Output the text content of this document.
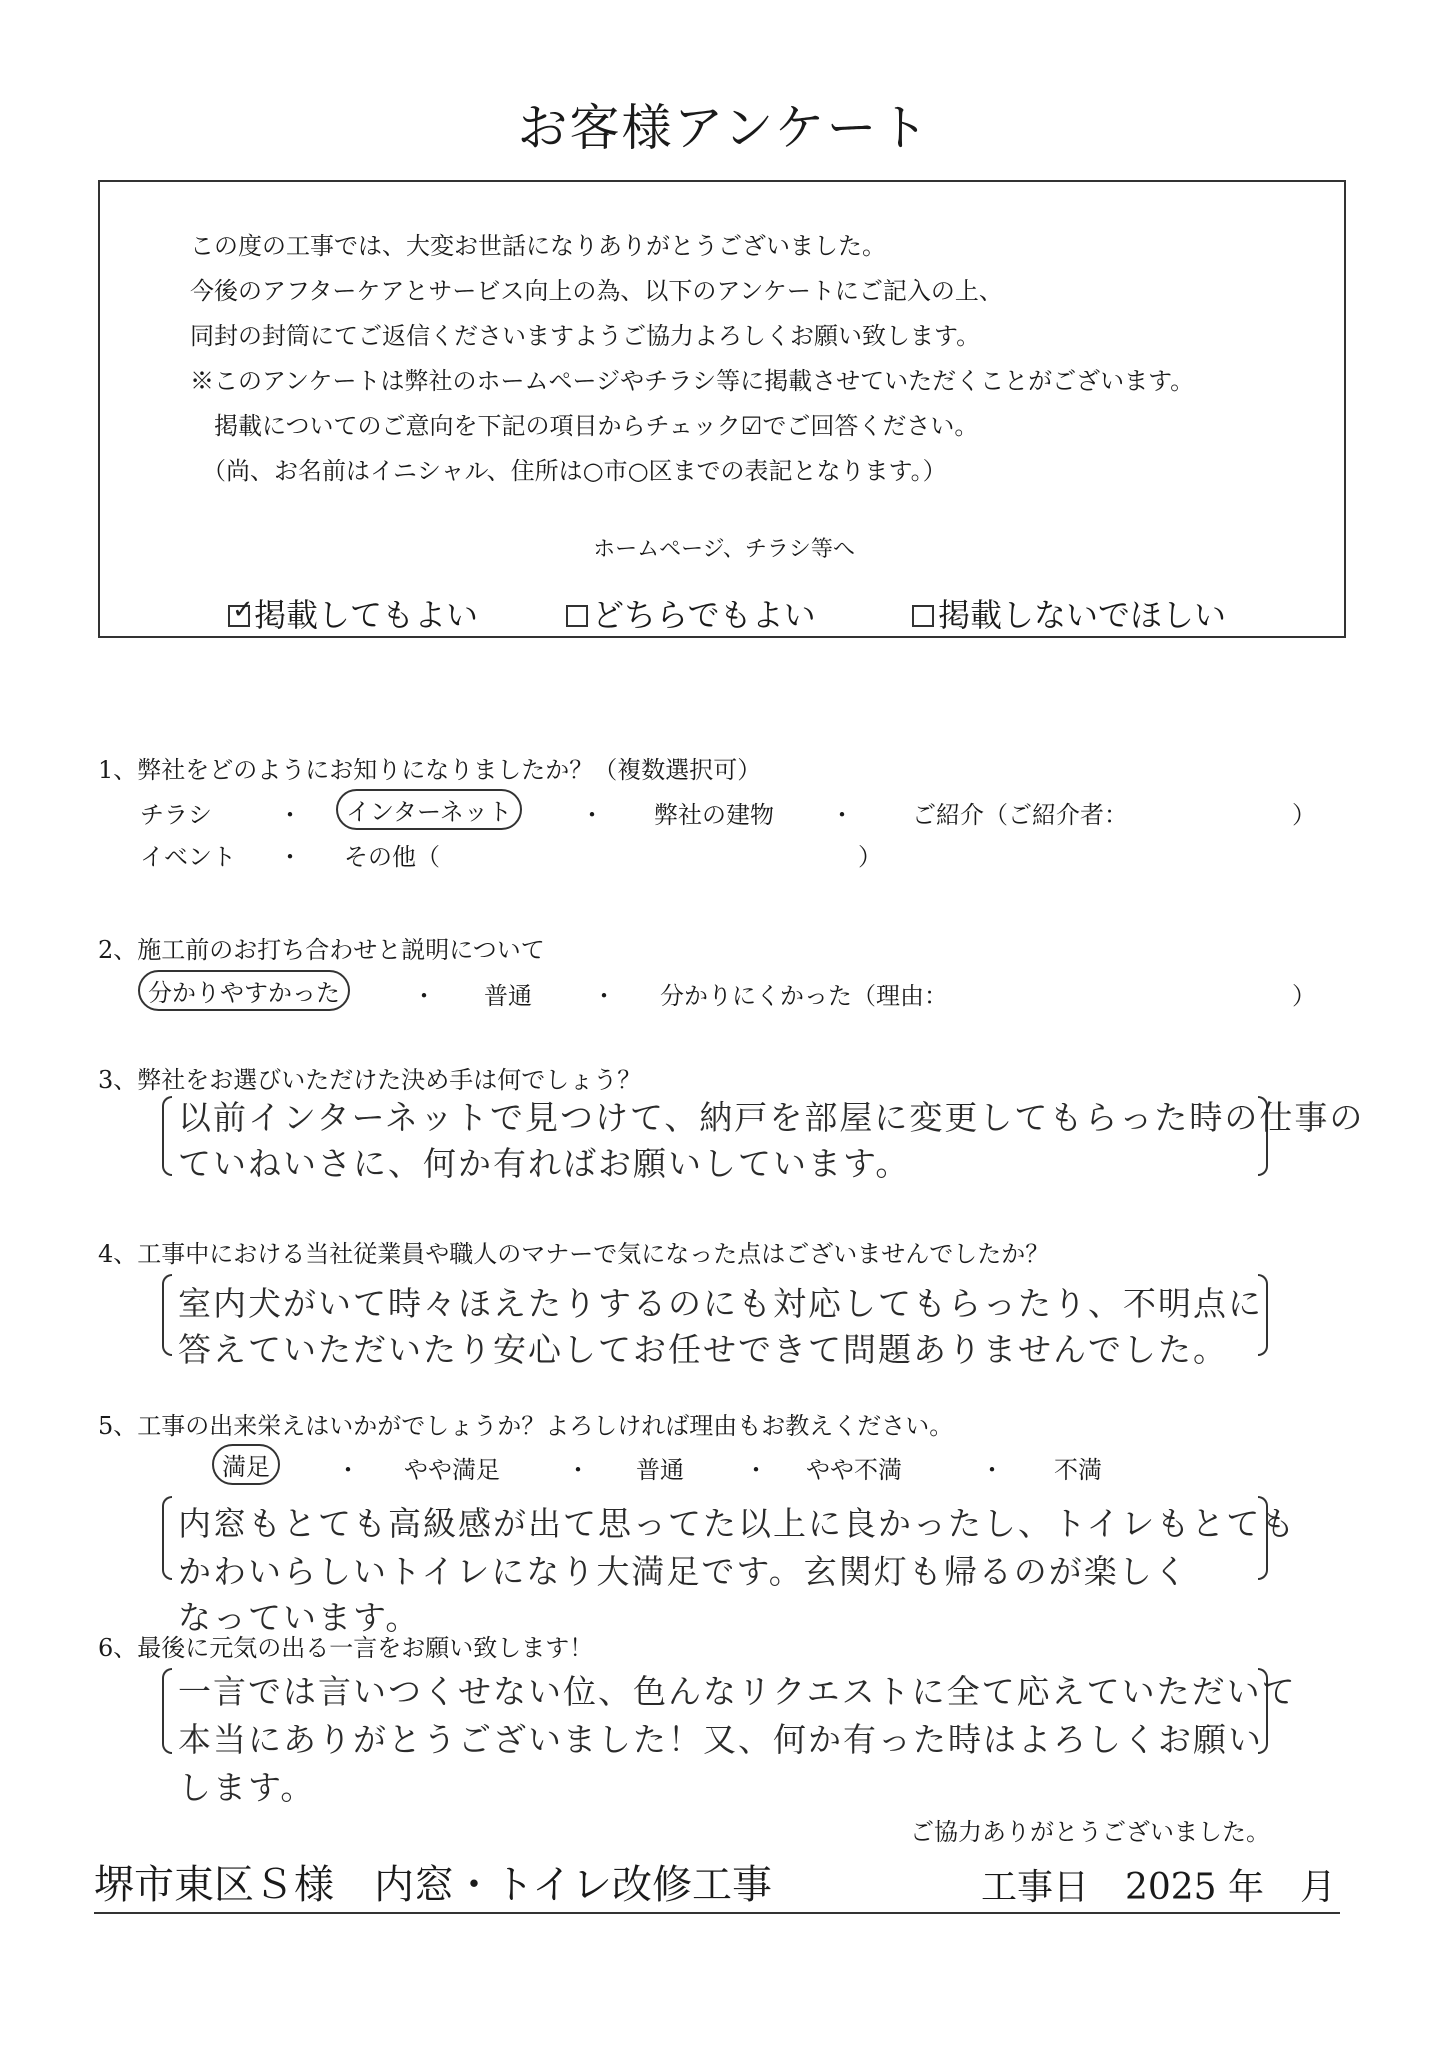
お客様アンケート
この度の工事では、大変お世話になりありがとうございました。
今後のアフターケアとサービス向上の為、以下のアンケートにご記入の上、
同封の封筒にてご返信くださいますようご協力よろしくお願い致します。
※このアンケートは弊社のホームページやチラシ等に掲載させていただくことがございます。
　掲載についてのご意向を下記の項目からチェック☑でご回答ください。
　（尚、お名前はイニシャル、住所は○市○区までの表記となります。）
ホームページ、チラシ等へ
✓ 掲載してもよい	どちらでもよい	掲載しないでほしい
1、弊社をどのようにお知りになりましたか？（複数選択可）
チラシ	・	インターネット	・ 弊社の建物 ・ ご紹介（ご紹介者：	）
イベント ・ その他（	）
2、施工前のお打ち合わせと説明について
分かりやすかった	・ 普通	・ 分かりにくかった（理由：	）
3、弊社をお選びいただけた決め手は何でしょう？
以前インターネットで見つけて、納戸を部屋に変更してもらった時の仕事の
ていねいさに、何か有ればお願いしています。
4、工事中における当社従業員や職人のマナーで気になった点はございませんでしたか？
室内犬がいて時々ほえたりするのにも対応してもらったり、不明点に
答えていただいたり安心してお任せできて問題ありませんでした。
5、工事の出来栄えはいかがでしょうか？よろしければ理由もお教えください。
満足	・ やや満足	・ 普通	・ やや不満	・ 不満
内窓もとても高級感が出て思ってた以上に良かったし、トイレもとても
かわいらしいトイレになり大満足です。玄関灯も帰るのが楽しく
なっています。
6、最後に元気の出る一言をお願い致します！
一言では言いつくせない位、色んなリクエストに全て応えていただいて
本当にありがとうございました！又、何か有った時はよろしくお願い
します。
ご協力ありがとうございました。
堺市東区Ｓ様　内窓・トイレ改修工事	工事日　2025 年　月
